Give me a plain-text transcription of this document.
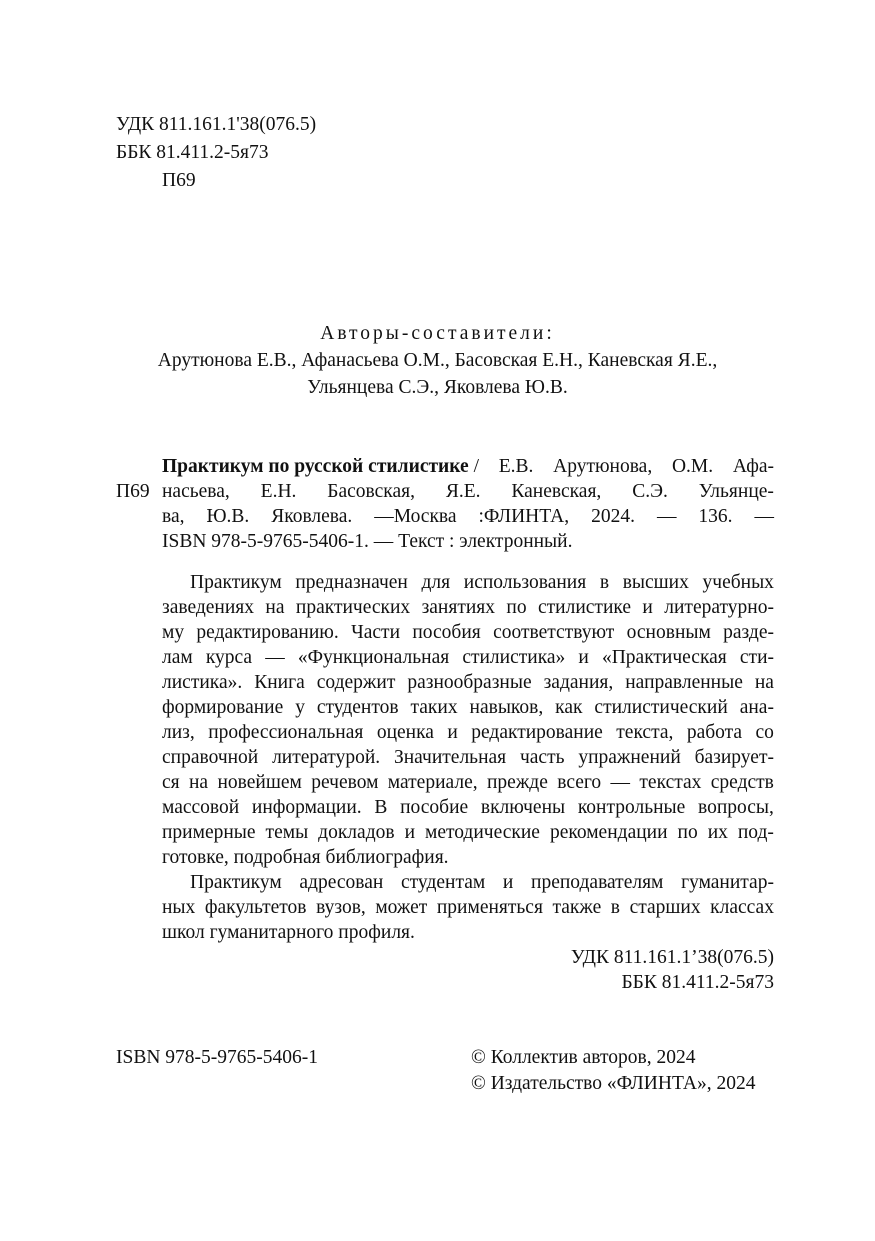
УДК 811.161.1'38(076.5)
ББК 81.411.2-5я73
П69
Авторы-составители:
Арутюнова Е.В., Афанасьева О.М., Басовская Е.Н., Каневская Я.Е.,
Ульянцева С.Э., Яковлева Ю.В.
П69
Практикум по русской стилистике / Е.В. Арутюнова, О.М. Афа-
насьева, Е.Н. Басовская, Я.Е. Каневская, С.Э. Ульянце-
ва, Ю.В. Яковлева. —Москва :ФЛИНТА, 2024. — 136. —
ISBN 978-5-9765-5406-1. — Текст : электронный.
Практикум предназначен для использования в высших учебных
заведениях на практических занятиях по стилистике и литературно-
му редактированию. Части пособия соответствуют основным разде-
лам курса — «Функциональная стилистика» и «Практическая сти-
листика». Книга содержит разнообразные задания, направленные на
формирование у студентов таких навыков, как стилистический ана-
лиз, профессиональная оценка и редактирование текста, работа со
справочной литературой. Значительная часть упражнений базирует-
ся на новейшем речевом материале, прежде всего — текстах средств
массовой информации. В пособие включены контрольные вопросы,
примерные темы докладов и методические рекомендации по их под-
готовке, подробная библиография.
Практикум адресован студентам и преподавателям гуманитар-
ных факультетов вузов, может применяться также в старших классах
школ гуманитарного профиля.
УДК 811.161.1’38(076.5)
ББК 81.411.2-5я73
ISBN 978-5-9765-5406-1	© Коллектив авторов, 2024
© Издательство «ФЛИНТА», 2024
